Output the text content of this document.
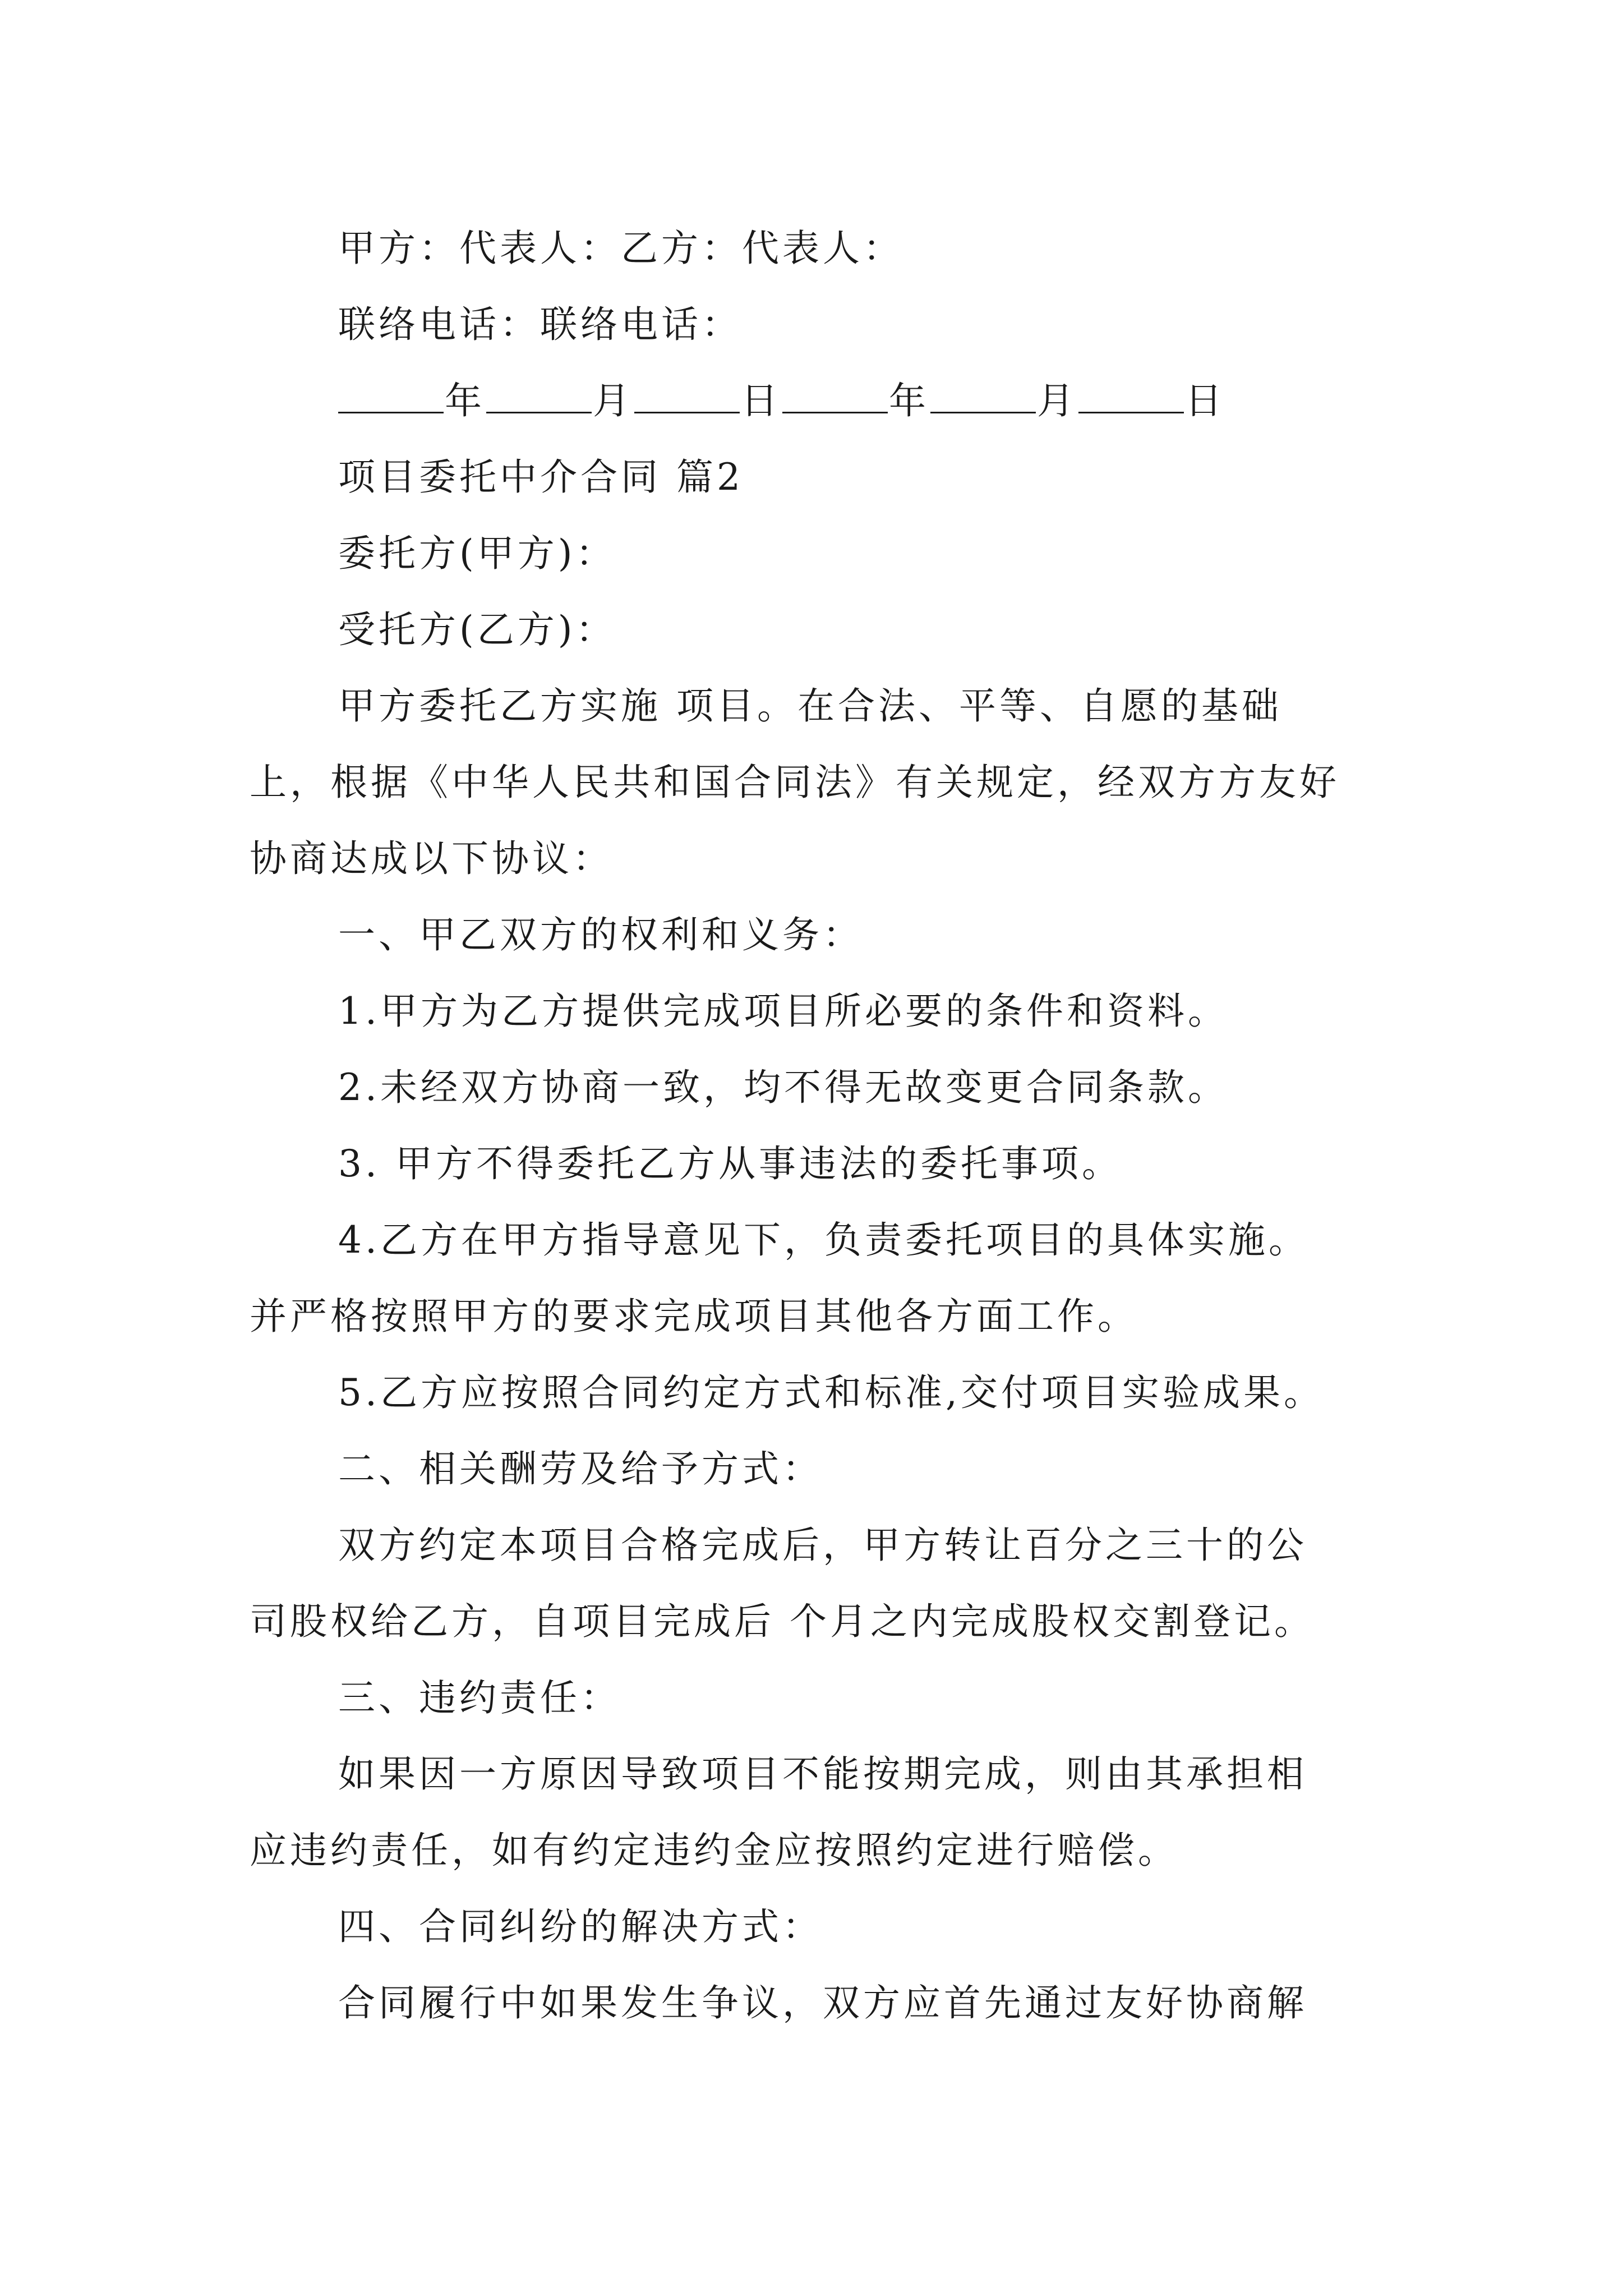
甲方：代表人：乙方：代表人：
联络电话：联络电话：
年	月	日	年	月	日
项目委托中介合同 篇2
委托方(甲方)：
受托方(乙方)：
甲方委托乙方实施 项目。在合法、平等、自愿的基础
上，根据《中华人民共和国合同法》有关规定，经双方方友好
协商达成以下协议：
一、甲乙双方的权利和义务：
1.甲方为乙方提供完成项目所必要的条件和资料。
2.未经双方协商一致，均不得无故变更合同条款。
3. 甲方不得委托乙方从事违法的委托事项。
4.乙方在甲方指导意见下，负责委托项目的具体实施。
并严格按照甲方的要求完成项目其他各方面工作。
5.乙方应按照合同约定方式和标准,交付项目实验成果。
二、相关酬劳及给予方式：
双方约定本项目合格完成后，甲方转让百分之三十的公
司股权给乙方，自项目完成后 个月之内完成股权交割登记。
三、违约责任：
如果因一方原因导致项目不能按期完成，则由其承担相
应违约责任，如有约定违约金应按照约定进行赔偿。
四、合同纠纷的解决方式：
合同履行中如果发生争议，双方应首先通过友好协商解
